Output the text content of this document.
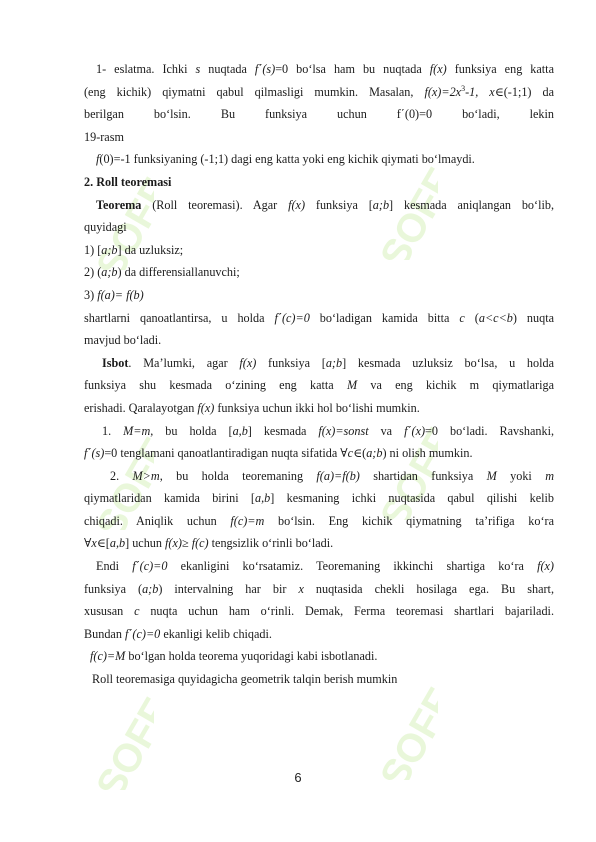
SOFF	SOFF
SOFF	SOFF
SOFF	SOFF
1- eslatma. Ichki s nuqtada f΄(s)=0 bo‘lsa ham bu nuqtada f(x) funksiya eng katta
(eng kichik) qiymatni qabul qilmasligi mumkin. Masalan, $f(x)=2x^3-1$, x∈(-1;1) da
berilgan bo‘lsin. Bu funksiya uchun f΄(0)=0 bo‘ladi, lekin
19-rasm
f(0)=-1 funksiyaning (-1;1) dagi eng katta yoki eng kichik qiymati bo‘lmaydi.
2. Roll teoremasi
Teorema (Roll teoremasi). Agar f(x) funksiya [a;b] kesmada aniqlangan bo‘lib,
quyidagi
1) [a;b] da uzluksiz;
2) (a;b) da differensiallanuvchi;
3) f(a)= f(b)
shartlarni qanoatlantirsa, u holda f΄(c)=0 bo‘ladigan kamida bitta c (a<c<b) nuqta
mavjud bo‘ladi.
Isbot. Ma’lumki, agar f(x) funksiya [a;b] kesmada uzluksiz bo‘lsa, u holda
funksiya shu kesmada o‘zining eng katta M va eng kichik m qiymatlariga
erishadi. Qaralayotgan f(x) funksiya uchun ikki hol bo‘lishi mumkin.
1. M=m, bu holda [a,b] kesmada f(x)=sonst va f΄(x)=0 bo‘ladi. Ravshanki,
f΄(s)=0 tenglamani qanoatlantiradigan nuqta sifatida ∀c∈(a;b) ni olish mumkin.
2. M>m, bu holda teoremaning f(a)=f(b) shartidan funksiya M yoki m
qiymatlaridan kamida birini [a,b] kesmaning ichki nuqtasida qabul qilishi kelib
chiqadi. Aniqlik uchun f(c)=m bo‘lsin. Eng kichik qiymatning ta’rifiga ko‘ra
∀x∈[a,b] uchun f(x)≥ f(c) tengsizlik o‘rinli bo‘ladi.
Endi f΄(c)=0 ekanligini ko‘rsatamiz. Teoremaning ikkinchi shartiga ko‘ra f(x)
funksiya (a;b) intervalning har bir x nuqtasida chekli hosilaga ega. Bu shart,
xususan c nuqta uchun ham o‘rinli. Demak, Ferma teoremasi shartlari bajariladi.
Bundan f΄(c)=0 ekanligi kelib chiqadi.
f(c)=M bo‘lgan holda teorema yuqoridagi kabi isbotlanadi.
Roll teoremasiga quyidagicha geometrik talqin berish mumkin
6
